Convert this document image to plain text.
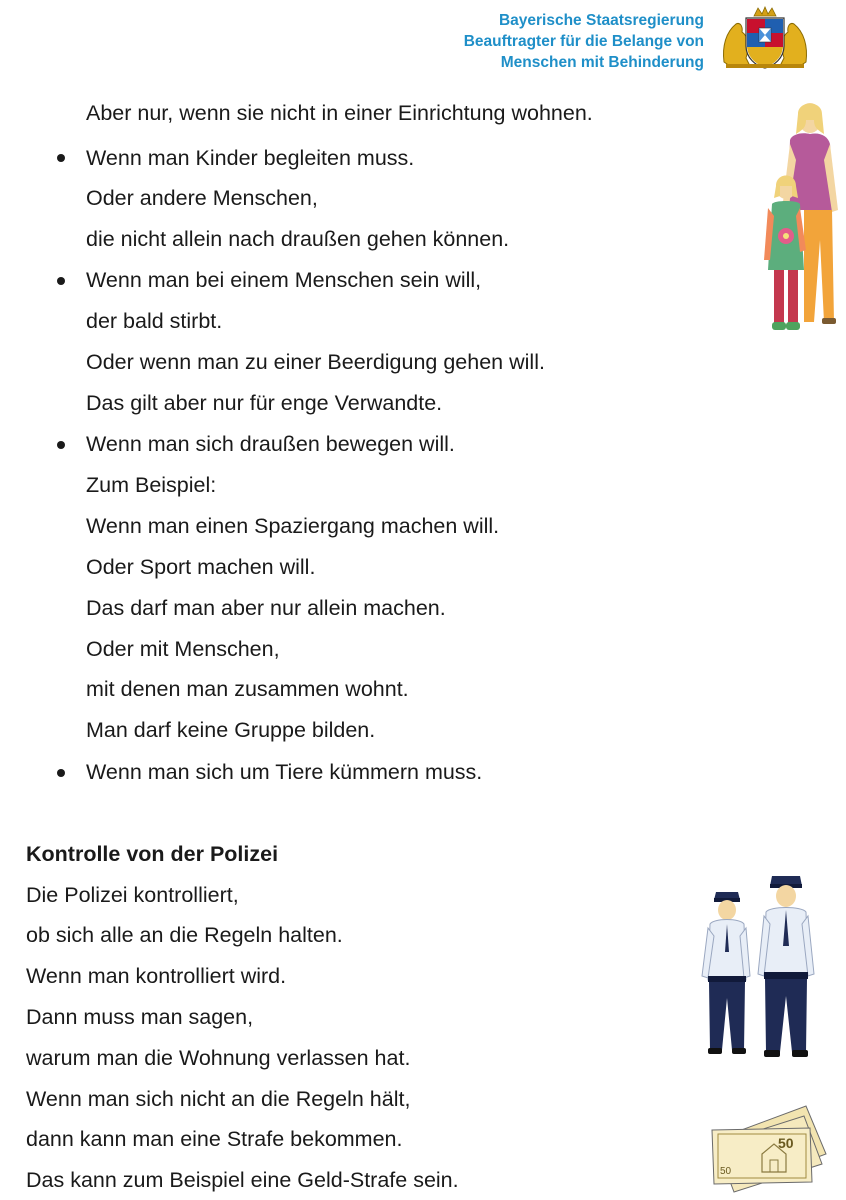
Bayerische Staatsregierung
Beauftragter für die Belange von
Menschen mit Behinderung
Aber nur, wenn sie nicht in einer Einrichtung wohnen.
Wenn man Kinder begleiten muss.
Oder andere Menschen,
die nicht allein nach draußen gehen können.
Wenn man bei einem Menschen sein will,
der bald stirbt.
Oder wenn man zu einer Beerdigung gehen will.
Das gilt aber nur für enge Verwandte.
Wenn man sich draußen bewegen will.
Zum Beispiel:
Wenn man einen Spaziergang machen will.
Oder Sport machen will.
Das darf man aber nur allein machen.
Oder mit Menschen,
mit denen man zusammen wohnt.
Man darf keine Gruppe bilden.
Wenn man sich um Tiere kümmern muss.
Kontrolle von der Polizei
Die Polizei kontrolliert,
ob sich alle an die Regeln halten.
Wenn man kontrolliert wird.
Dann muss man sagen,
warum man die Wohnung verlassen hat.
Wenn man sich nicht an die Regeln hält,
dann kann man eine Strafe bekommen.
Das kann zum Beispiel eine Geld-Strafe sein.
50
50
